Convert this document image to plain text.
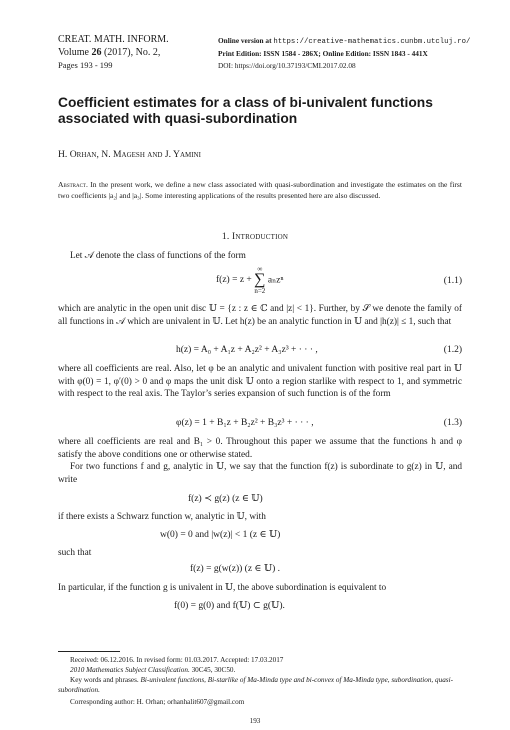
CREAT. MATH. INFORM.
Volume 26 (2017), No. 2,
Pages 193 - 199
Online version at https://creative-mathematics.cunbm.utcluj.ro/
Print Edition: ISSN 1584 - 286X; Online Edition: ISSN 1843 - 441X
DOI: https://doi.org/10.37193/CMI.2017.02.08
Coefficient estimates for a class of bi-univalent functions
associated with quasi-subordination
H. Orhan, N. Magesh and J. Yamini
Abstract. In the present work, we define a new class associated with quasi-subordination and investigate the estimates on the first two coefficients |a₂| and |a₃|. Some interesting applications of the results presented here are also discussed.
1. Introduction
Let 𝒜 denote the class of functions of the form
f(z) = z +
∞
∑
n=2
aₙzⁿ	(1.1)
which are analytic in the open unit disc 𝕌 = {z : z ∈ ℂ and |z| < 1}. Further, by 𝒮 we denote the family of all functions in 𝒜 which are univalent in 𝕌. Let h(z) be an analytic function in 𝕌 and |h(z)| ≤ 1, such that
h(z) = A₀ + A₁z + A₂z² + A₃z³ + · · · ,	(1.2)
where all coefficients are real. Also, let φ be an analytic and univalent function with positive real part in 𝕌 with φ(0) = 1, φ′(0) > 0 and φ maps the unit disk 𝕌 onto a region starlike with respect to 1, and symmetric with respect to the real axis. The Taylor’s series expansion of such function is of the form
φ(z) = 1 + B₁z + B₂z² + B₃z³ + · · · ,	(1.3)
where all coefficients are real and B₁ > 0. Throughout this paper we assume that the functions h and φ satisfy the above conditions one or otherwise stated.
For two functions f and g, analytic in 𝕌, we say that the function f(z) is subordinate to g(z) in 𝕌, and write
f(z) ≺ g(z) (z ∈ 𝕌)
if there exists a Schwarz function w, analytic in 𝕌, with
w(0) = 0 and |w(z)| < 1 (z ∈ 𝕌)
such that
f(z) = g(w(z)) (z ∈ 𝕌) .
In particular, if the function g is univalent in 𝕌, the above subordination is equivalent to
f(0) = g(0) and f(𝕌) ⊂ g(𝕌).
Received: 06.12.2016. In revised form: 01.03.2017. Accepted: 17.03.2017
2010 Mathematics Subject Classification. 30C45, 30C50.
Key words and phrases. Bi-univalent functions, Bi-starlike of Ma-Minda type and bi-convex of Ma-Minda type, subordination, quasi-subordination.
Corresponding author: H. Orhan; orhanhalit607@gmail.com
193
